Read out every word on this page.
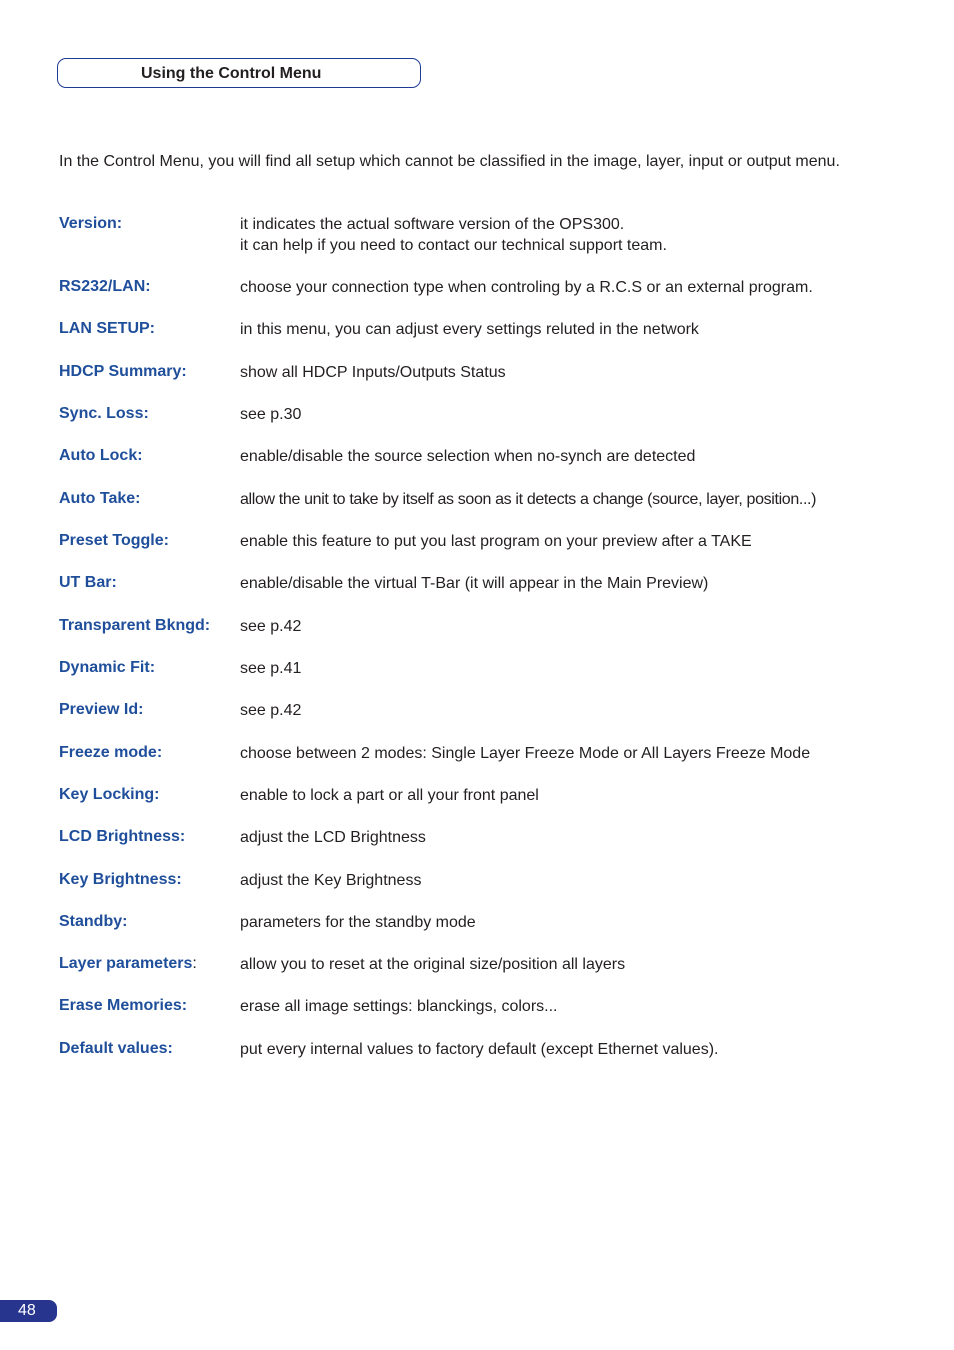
Using the Control Menu

In the Control Menu, you will find all setup which cannot be classified in the image, layer, input or output menu.

Version:	it indicates the actual software version of the OPS300.
it can help if you need to contact our technical support team.
RS232/LAN:	choose your connection type when controling by a R.C.S or an external program.
LAN SETUP:	in this menu, you can adjust every settings reluted in the network
HDCP Summary:	show all HDCP Inputs/Outputs Status
Sync. Loss:	see p.30
Auto Lock:	enable/disable the source selection when no-synch are detected
Auto Take:	allow the unit to take by itself as soon as it detects a change (source, layer, position...)
Preset Toggle:	enable this feature to put you last program on your preview after a TAKE
UT Bar:	enable/disable the virtual T-Bar (it will appear in the Main Preview)
Transparent Bkngd: see p.42
Dynamic Fit:	see p.41
Preview Id:	see p.42
Freeze mode:	choose between 2 modes: Single Layer Freeze Mode or All Layers Freeze Mode
Key Locking:	enable to lock a part or all your front panel
LCD Brightness:	adjust the LCD Brightness
Key Brightness:	adjust the Key Brightness
Standby:	parameters for the standby mode
Layer parameters:	allow you to reset at the original size/position all layers
Erase Memories:	erase all image settings: blanckings, colors...
Default values:	put every internal values to factory default (except Ethernet values).
48
